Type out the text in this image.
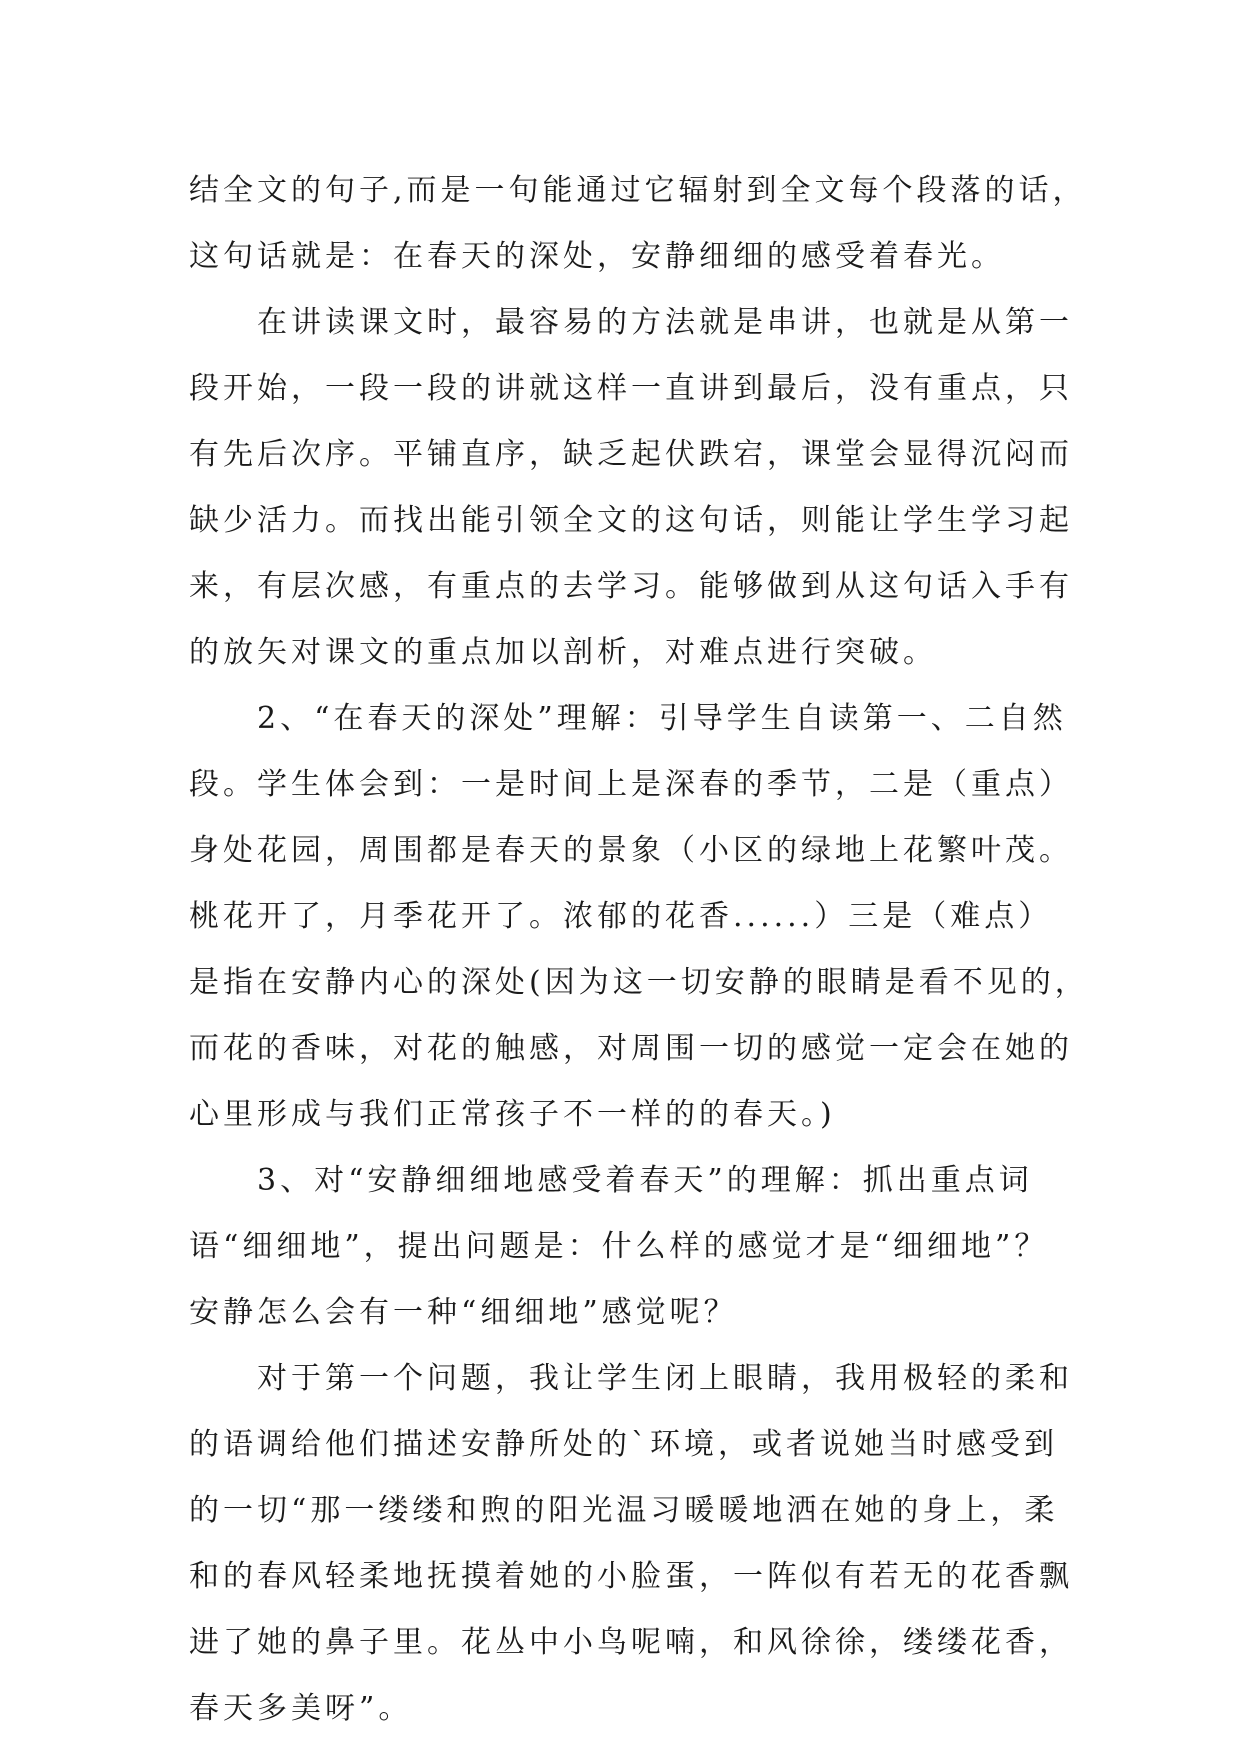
结全文的句子,而是一句能通过它辐射到全文每个段落的话，

这句话就是：在春天的深处，安静细细的感受着春光。

在讲读课文时，最容易的方法就是串讲，也就是从第一

段开始，一段一段的讲就这样一直讲到最后，没有重点，只

有先后次序。平铺直序，缺乏起伏跌宕，课堂会显得沉闷而

缺少活力。而找出能引领全文的这句话，则能让学生学习起

来，有层次感，有重点的去学习。能够做到从这句话入手有

的放矢对课文的重点加以剖析，对难点进行突破。

2、“在春天的深处”理解：引导学生自读第一、二自然

段。学生体会到：一是时间上是深春的季节，二是（重点）

身处花园，周围都是春天的景象（小区的绿地上花繁叶茂。

桃花开了，月季花开了。浓郁的花香......）三是（难点）

是指在安静内心的深处(因为这一切安静的眼睛是看不见的，

而花的香味，对花的触感，对周围一切的感觉一定会在她的

心里形成与我们正常孩子不一样的的春天。)

3、对“安静细细地感受着春天”的理解：抓出重点词

语“细细地”，提出问题是：什么样的感觉才是“细细地”？

安静怎么会有一种“细细地”感觉呢？

对于第一个问题，我让学生闭上眼睛，我用极轻的柔和

的语调给他们描述安静所处的`环境，或者说她当时感受到

的一切“那一缕缕和煦的阳光温习暖暖地洒在她的身上，柔

和的春风轻柔地抚摸着她的小脸蛋，一阵似有若无的花香飘

进了她的鼻子里。花丛中小鸟呢喃，和风徐徐，缕缕花香，

春天多美呀”。
